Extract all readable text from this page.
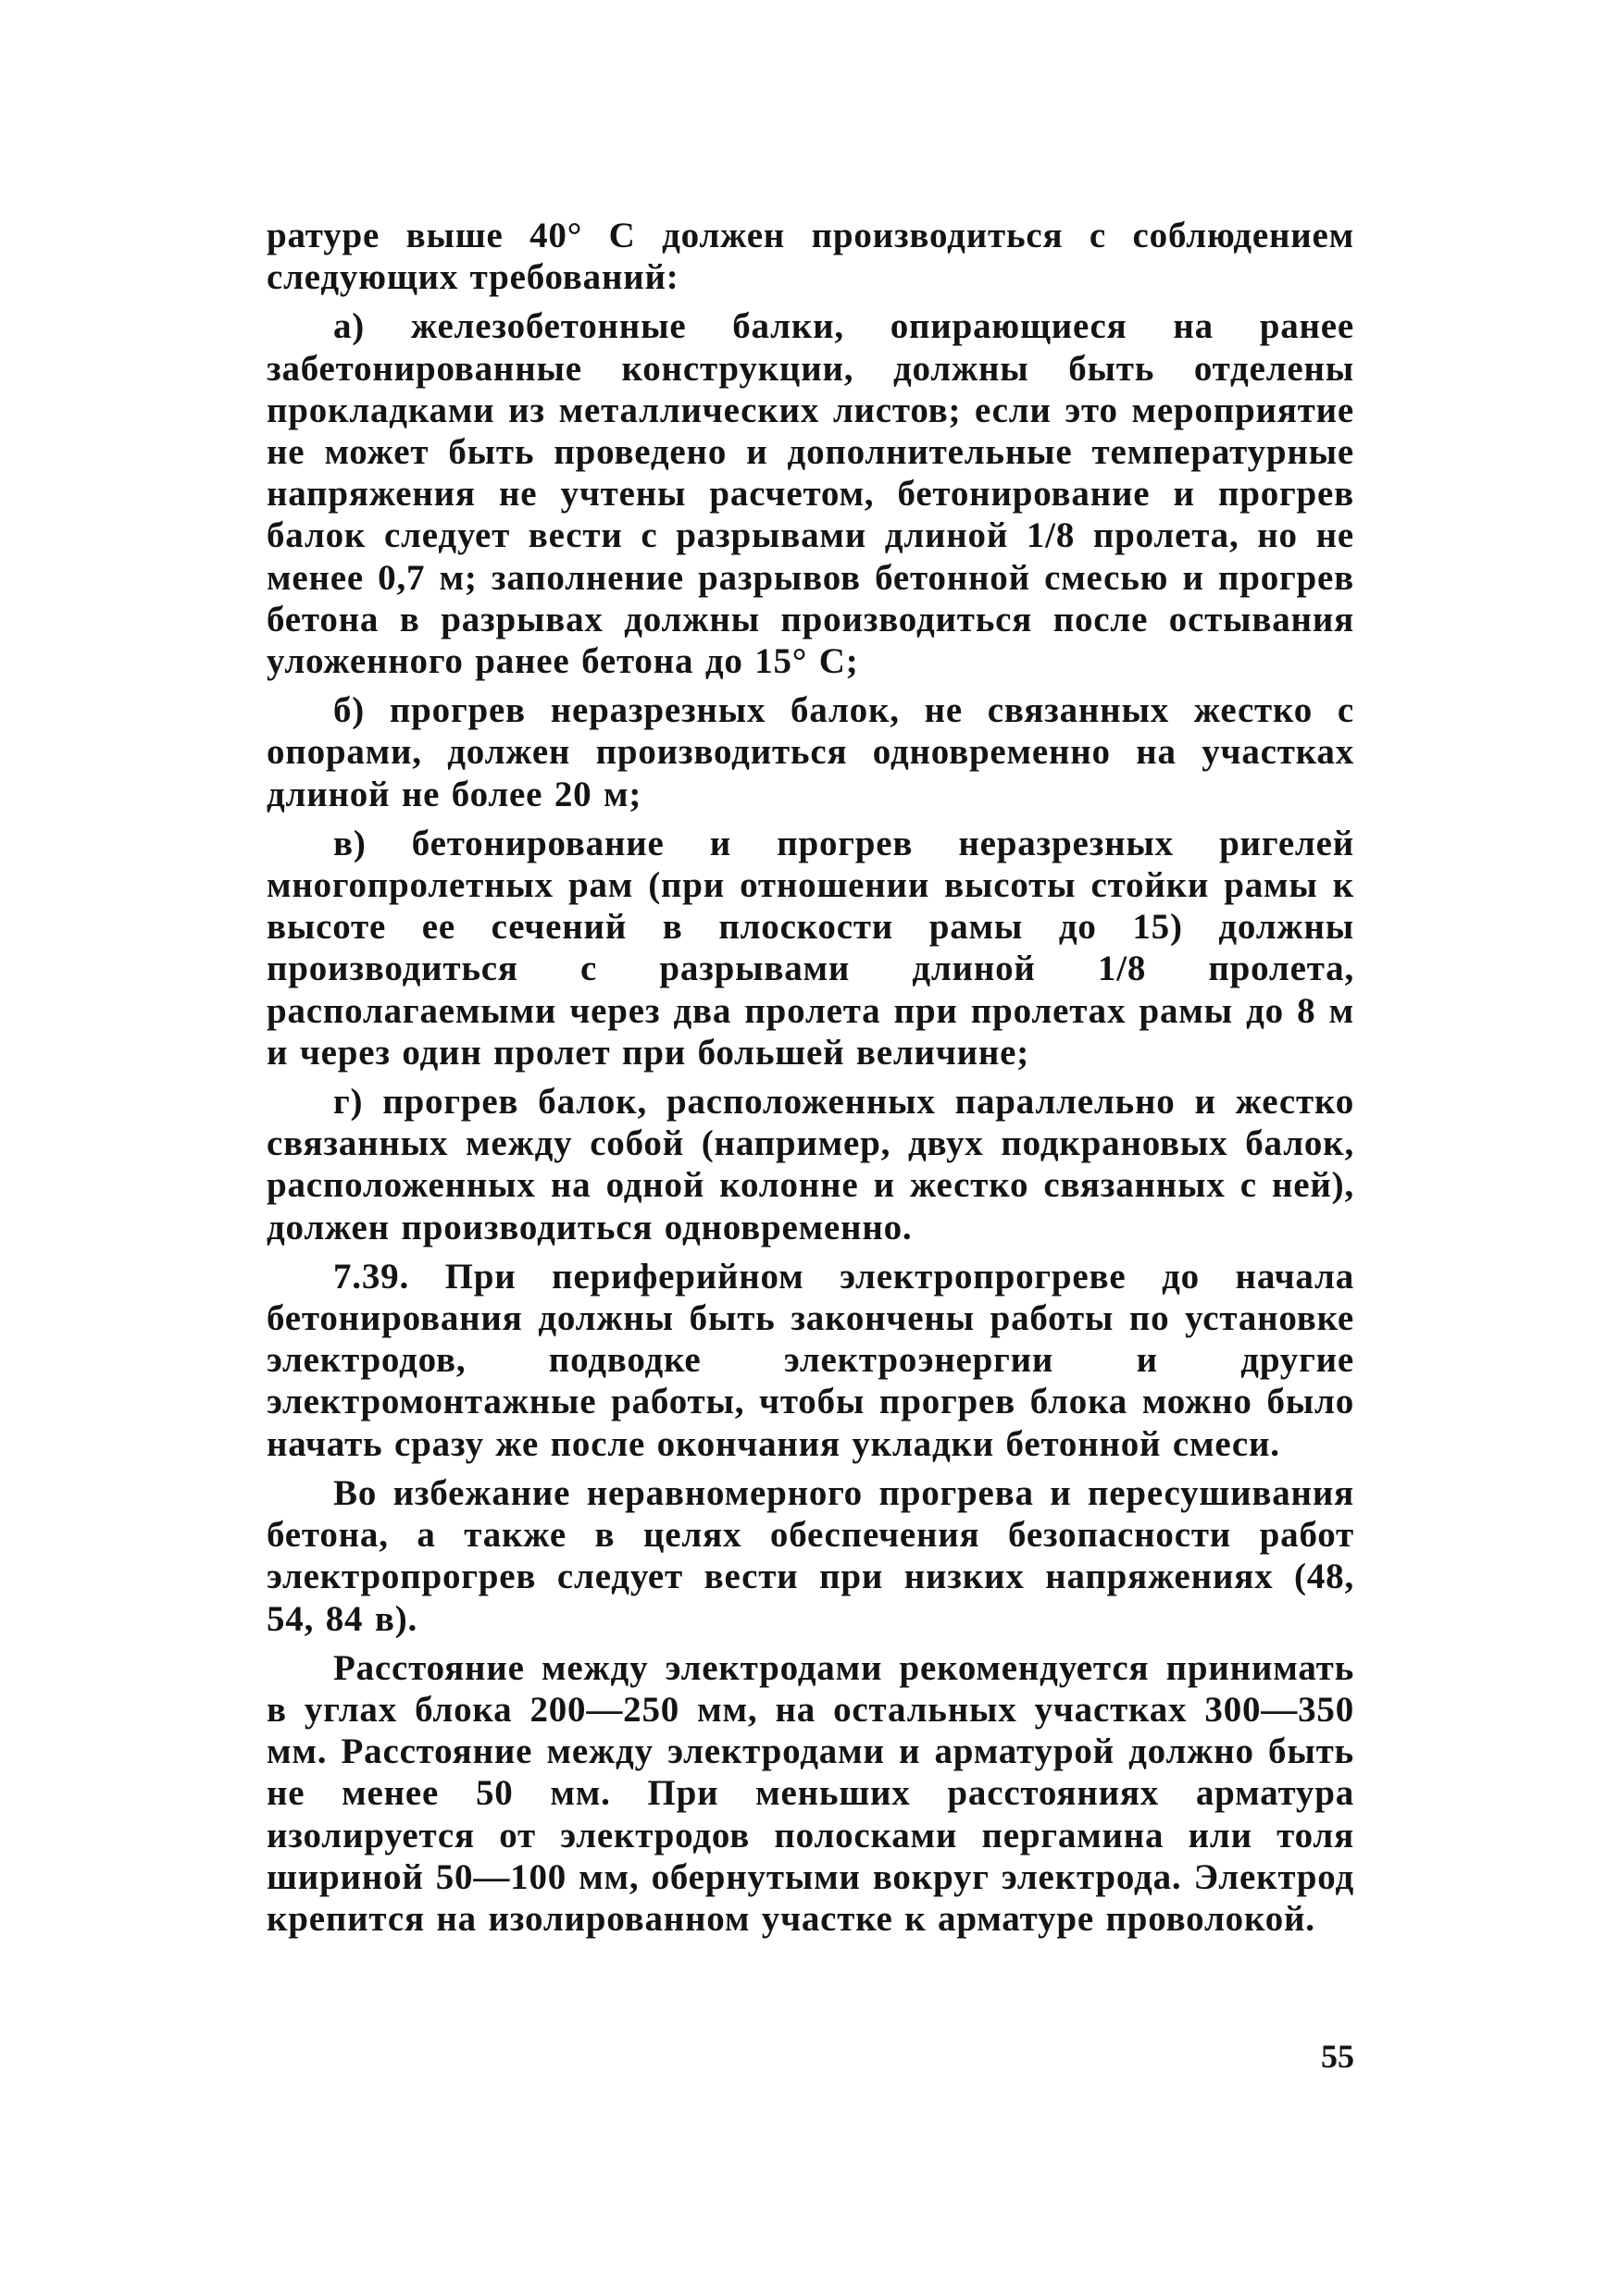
ратуре выше 40° С должен производиться с соблюдением следующих требований:

а) железобетонные балки, опирающиеся на ранее забетонированные конструкции, должны быть отделены прокладками из металлических листов; если это мероприятие не может быть проведено и дополнительные температурные напряжения не учтены расчетом, бетонирование и прогрев балок следует вести с разрывами длиной 1/8 пролета, но не менее 0,7 м; заполнение разрывов бетонной смесью и прогрев бетона в разрывах должны производиться после остывания уложенного ранее бетона до 15° С;

б) прогрев неразрезных балок, не связанных жестко с опорами, должен производиться одновременно на участках длиной не более 20 м;

в) бетонирование и прогрев неразрезных ригелей многопролетных рам (при отношении высоты стойки рамы к высоте ее сечений в плоскости рамы до 15) должны производиться с разрывами длиной 1/8 пролета, располагаемыми через два пролета при пролетах рамы до 8 м и через один пролет при большей величине;

г) прогрев балок, расположенных параллельно и жестко связанных между собой (например, двух подкрановых балок, расположенных на одной колонне и жестко связанных с ней), должен производиться одновременно.

7.39. При периферийном электропрогреве до начала бетонирования должны быть закончены работы по установке электродов, подводке электроэнергии и другие электромонтажные работы, чтобы прогрев блока можно было начать сразу же после окончания укладки бетонной смеси.

Во избежание неравномерного прогрева и пересушивания бетона, а также в целях обеспечения безопасности работ электропрогрев следует вести при низких напряжениях (48, 54, 84 в).

Расстояние между электродами рекомендуется принимать в углах блока 200—250 мм, на остальных участках 300—350 мм. Расстояние между электродами и арматурой должно быть не менее 50 мм. При меньших расстояниях арматура изолируется от электродов полосками пергамина или толя шириной 50—100 мм, обернутыми вокруг электрода. Электрод крепится на изолированном участке к арматуре проволокой.

55
